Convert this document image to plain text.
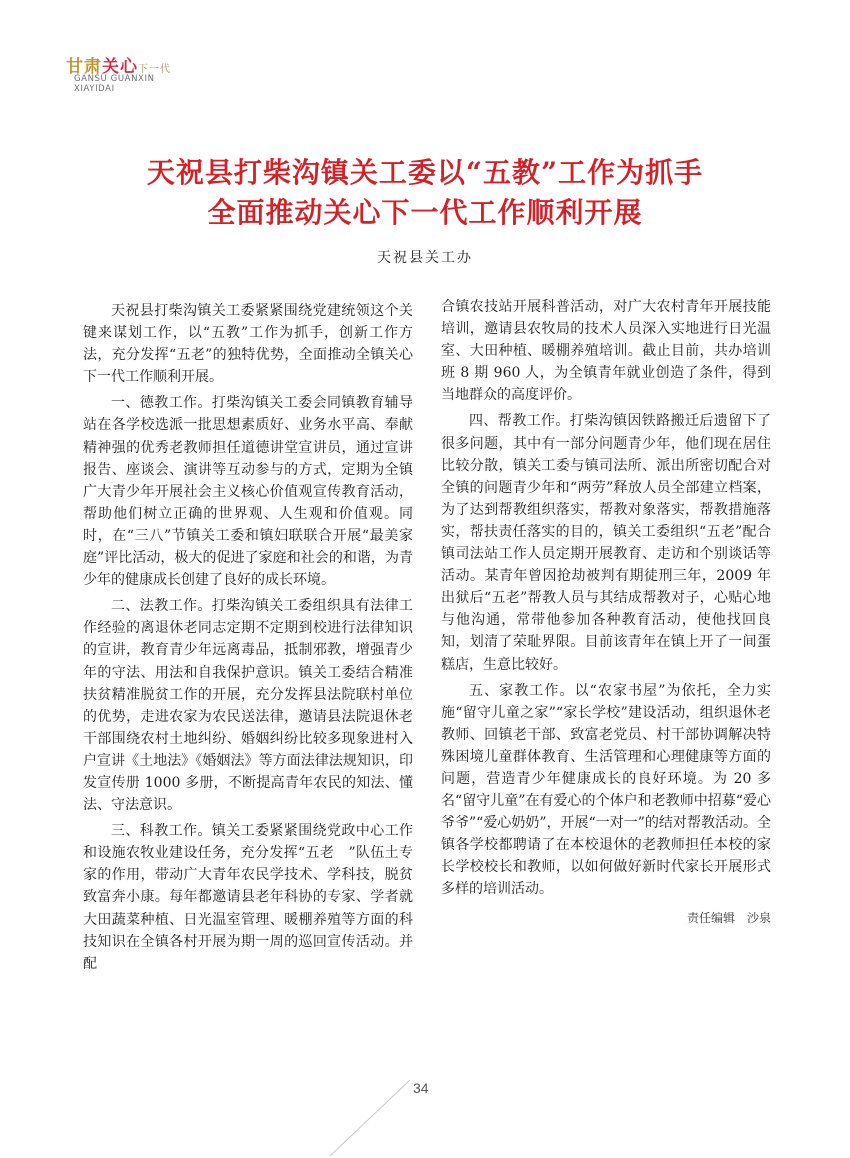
甘肃关心下一代
GANSU GUANXIN
XIAYIDAI
天祝县打柴沟镇关工委以“五教”工作为抓手
全面推动关心下一代工作顺利开展
天祝县关工办

天祝县打柴沟镇关工委紧紧围绕党建统领这个关键来谋划工作，以“五教”工作为抓手，创新工作方法，充分发挥“五老”的独特优势，全面推动全镇关心下一代工作顺利开展。

一、德教工作。打柴沟镇关工委会同镇教育辅导站在各学校选派一批思想素质好、业务水平高、奉献精神强的优秀老教师担任道德讲堂宣讲员，通过宣讲报告、座谈会、演讲等互动参与的方式，定期为全镇广大青少年开展社会主义核心价值观宣传教育活动，帮助他们树立正确的世界观、人生观和价值观。同时，在“三八”节镇关工委和镇妇联联合开展“最美家庭”评比活动，极大的促进了家庭和社会的和谐，为青少年的健康成长创建了良好的成长环境。

二、法教工作。打柴沟镇关工委组织具有法律工作经验的离退休老同志定期不定期到校进行法律知识的宣讲，教育青少年远离毒品，抵制邪教，增强青少年的守法、用法和自我保护意识。镇关工委结合精准扶贫精准脱贫工作的开展，充分发挥县法院联村单位的优势，走进农家为农民送法律，邀请县法院退休老干部围绕农村土地纠纷、婚姻纠纷比较多现象进村入户宣讲《土地法》《婚姻法》等方面法律法规知识，印发宣传册 1000 多册，不断提高青年农民的知法、懂法、守法意识。

三、科教工作。镇关工委紧紧围绕党政中心工作和设施农牧业建设任务，充分发挥“五老　”队伍土专家的作用，带动广大青年农民学技术、学科技，脱贫致富奔小康。每年都邀请县老年科协的专家、学者就大田蔬菜种植、日光温室管理、暖棚养殖等方面的科技知识在全镇各村开展为期一周的巡回宣传活动。并配

合镇农技站开展科普活动，对广大农村青年开展技能培训，邀请县农牧局的技术人员深入实地进行日光温室、大田种植、暖棚养殖培训。截止目前，共办培训班 8 期 960 人，为全镇青年就业创造了条件，得到当地群众的高度评价。

四、帮教工作。打柴沟镇因铁路搬迁后遗留下了很多问题，其中有一部分问题青少年，他们现在居住比较分散，镇关工委与镇司法所、派出所密切配合对全镇的问题青少年和“两劳”释放人员全部建立档案，为了达到帮教组织落实，帮教对象落实，帮教措施落实，帮扶责任落实的目的，镇关工委组织“五老”配合镇司法站工作人员定期开展教育、走访和个别谈话等活动。某青年曾因抢劫被判有期徒刑三年，2009 年出狱后“五老”帮教人员与其结成帮教对子，心贴心地与他沟通，常带他参加各种教育活动，使他找回良知，划清了荣耻界限。目前该青年在镇上开了一间蛋糕店，生意比较好。

五、家教工作。以“农家书屋”为依托，全力实施“留守儿童之家”“家长学校”建设活动，组织退休老教师、回镇老干部、致富老党员、村干部协调解决特殊困境儿童群体教育、生活管理和心理健康等方面的问题，营造青少年健康成长的良好环境。为 20 多名“留守儿童”在有爱心的个体户和老教师中招募“爱心爷爷”“爱心奶奶”，开展“一对一”的结对帮教活动。全镇各学校都聘请了在本校退休的老教师担任本校的家长学校校长和教师，以如何做好新时代家长开展形式多样的培训活动。

责任编辑　沙泉
34
